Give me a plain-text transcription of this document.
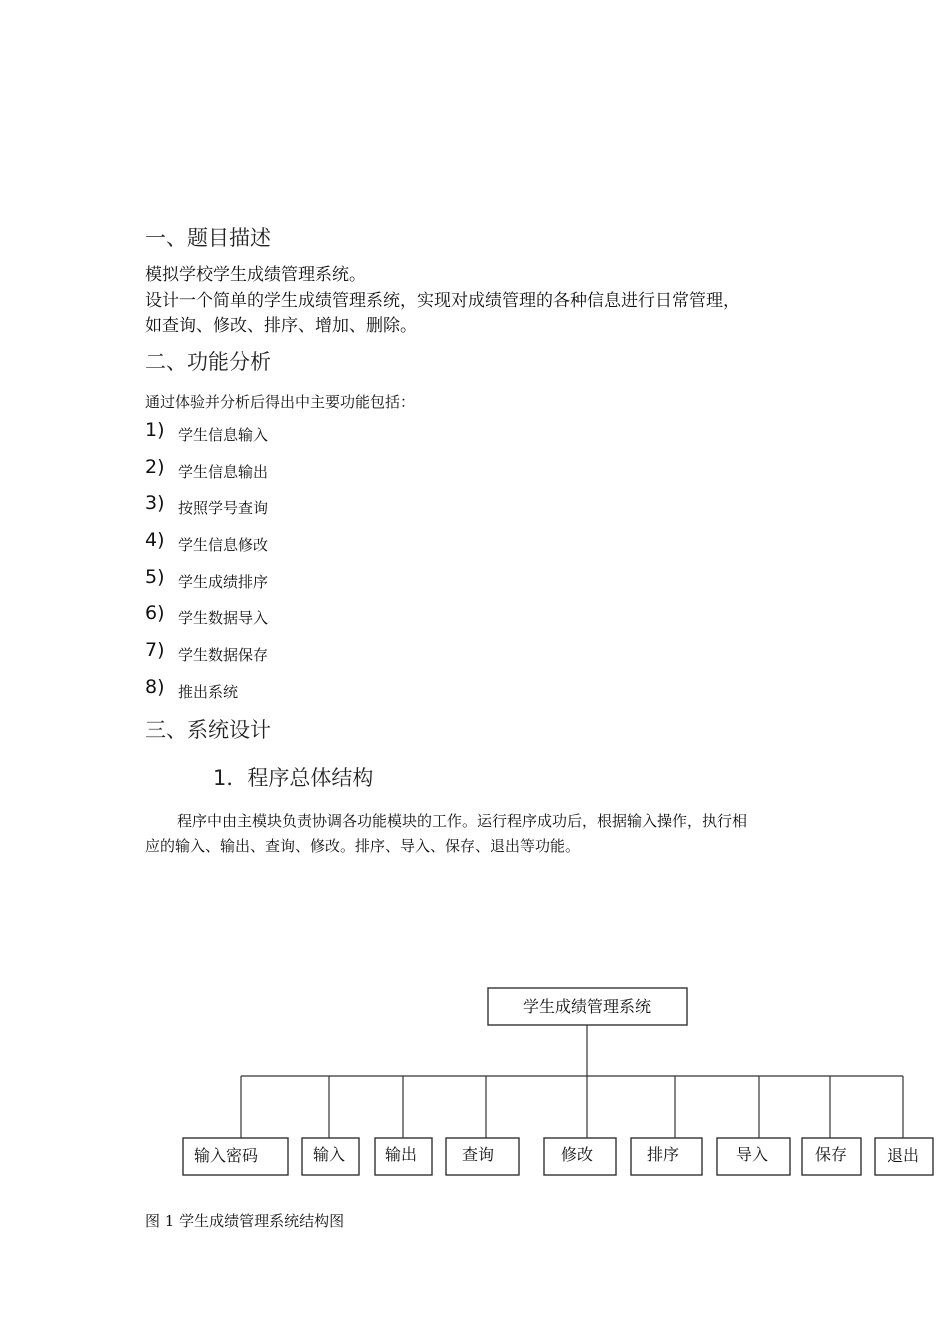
一、题目描述
模拟学校学生成绩管理系统。
设计一个简单的学生成绩管理系统，实现对成绩管理的各种信息进行日常管理，
如查询、修改、排序、增加、删除。
二、功能分析
通过体验并分析后得出中主要功能包括：
1) 学生信息输入
2) 学生信息输出
3) 按照学号查询
4) 学生信息修改
5) 学生成绩排序
6) 学生数据导入
7) 学生数据保存
8) 推出系统
三、系统设计
1．程序总体结构
程序中由主模块负责协调各功能模块的工作。运行程序成功后，根据输入操作，执行相
应的输入、输出、查询、修改。排序、导入、保存、退出等功能。
学生成绩管理系统
输入密码	输入 输出	查询	修改	排序	导入	保存 退出
图 1 学生成绩管理系统结构图
